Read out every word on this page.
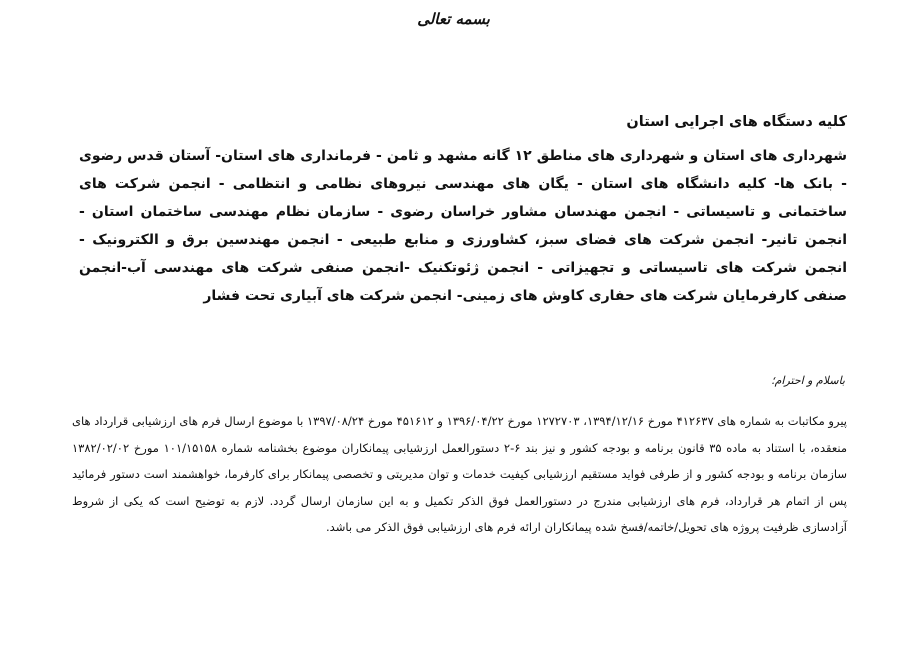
بسمه تعالی
کلیه دستگاه های اجرایی استان
شهرداری های استان و شهرداری های مناطق ۱۲ گانه مشهد و ثامن - فرمانداری های استان- آستان قدس رضوی - بانک ها- کلیه دانشگاه های استان - یگان های مهندسی نیروهای نظامی و انتظامی - انجمن شرکت های ساختمانی و تاسیساتی - انجمن مهندسان مشاور خراسان رضوی - سازمان نظام مهندسی ساختمان استان - انجمن تانیر- انجمن شرکت های فضای سبز، کشاورزی و منابع طبیعی - انجمن مهندسین برق و الکترونیک - انجمن شرکت های تاسیساتی و تجهیزاتی - انجمن ژئوتکنیک -انجمن صنفی شرکت های مهندسی آب-انجمن صنفی کارفرمایان شرکت های حفاری کاوش های زمینی- انجمن شرکت های آبیاری تحت فشار
باسلام و احترام؛
پیرو مکاتبات به شماره های ۴۱۲۶۳۷ مورخ ۱۳۹۴/۱۲/۱۶، ۱۲۷۲۷۰۳ مورخ ۱۳۹۶/۰۴/۲۲ و ۴۵۱۶۱۲ مورخ ۱۳۹۷/۰۸/۲۴ با موضوع ارسال فرم های ارزشیابی قرارداد های منعقده، با استناد به ماده ۳۵ قانون برنامه و بودجه کشور و نیز بند ۶-۲ دستورالعمل ارزشیابی پیمانکاران موضوع بخشنامه شماره ۱۰۱/۱۵۱۵۸ مورخ ۱۳۸۲/۰۲/۰۲ سازمان برنامه و بودجه کشور و از طرفی فواید مستقیم ارزشیابی کیفیت خدمات و توان مدیریتی و تخصصی پیمانکار برای کارفرما، خواهشمند است دستور فرمائید پس از اتمام هر قرارداد، فرم های ارزشیابی مندرج در دستورالعمل فوق الذکر تکمیل و به این سازمان ارسال گردد. لازم به توضیح است که یکی از شروط آزادسازی ظرفیت پروژه های تحویل/خاتمه/فسخ شده پیمانکاران ارائه فرم های ارزشیابی فوق الذکر می باشد.
